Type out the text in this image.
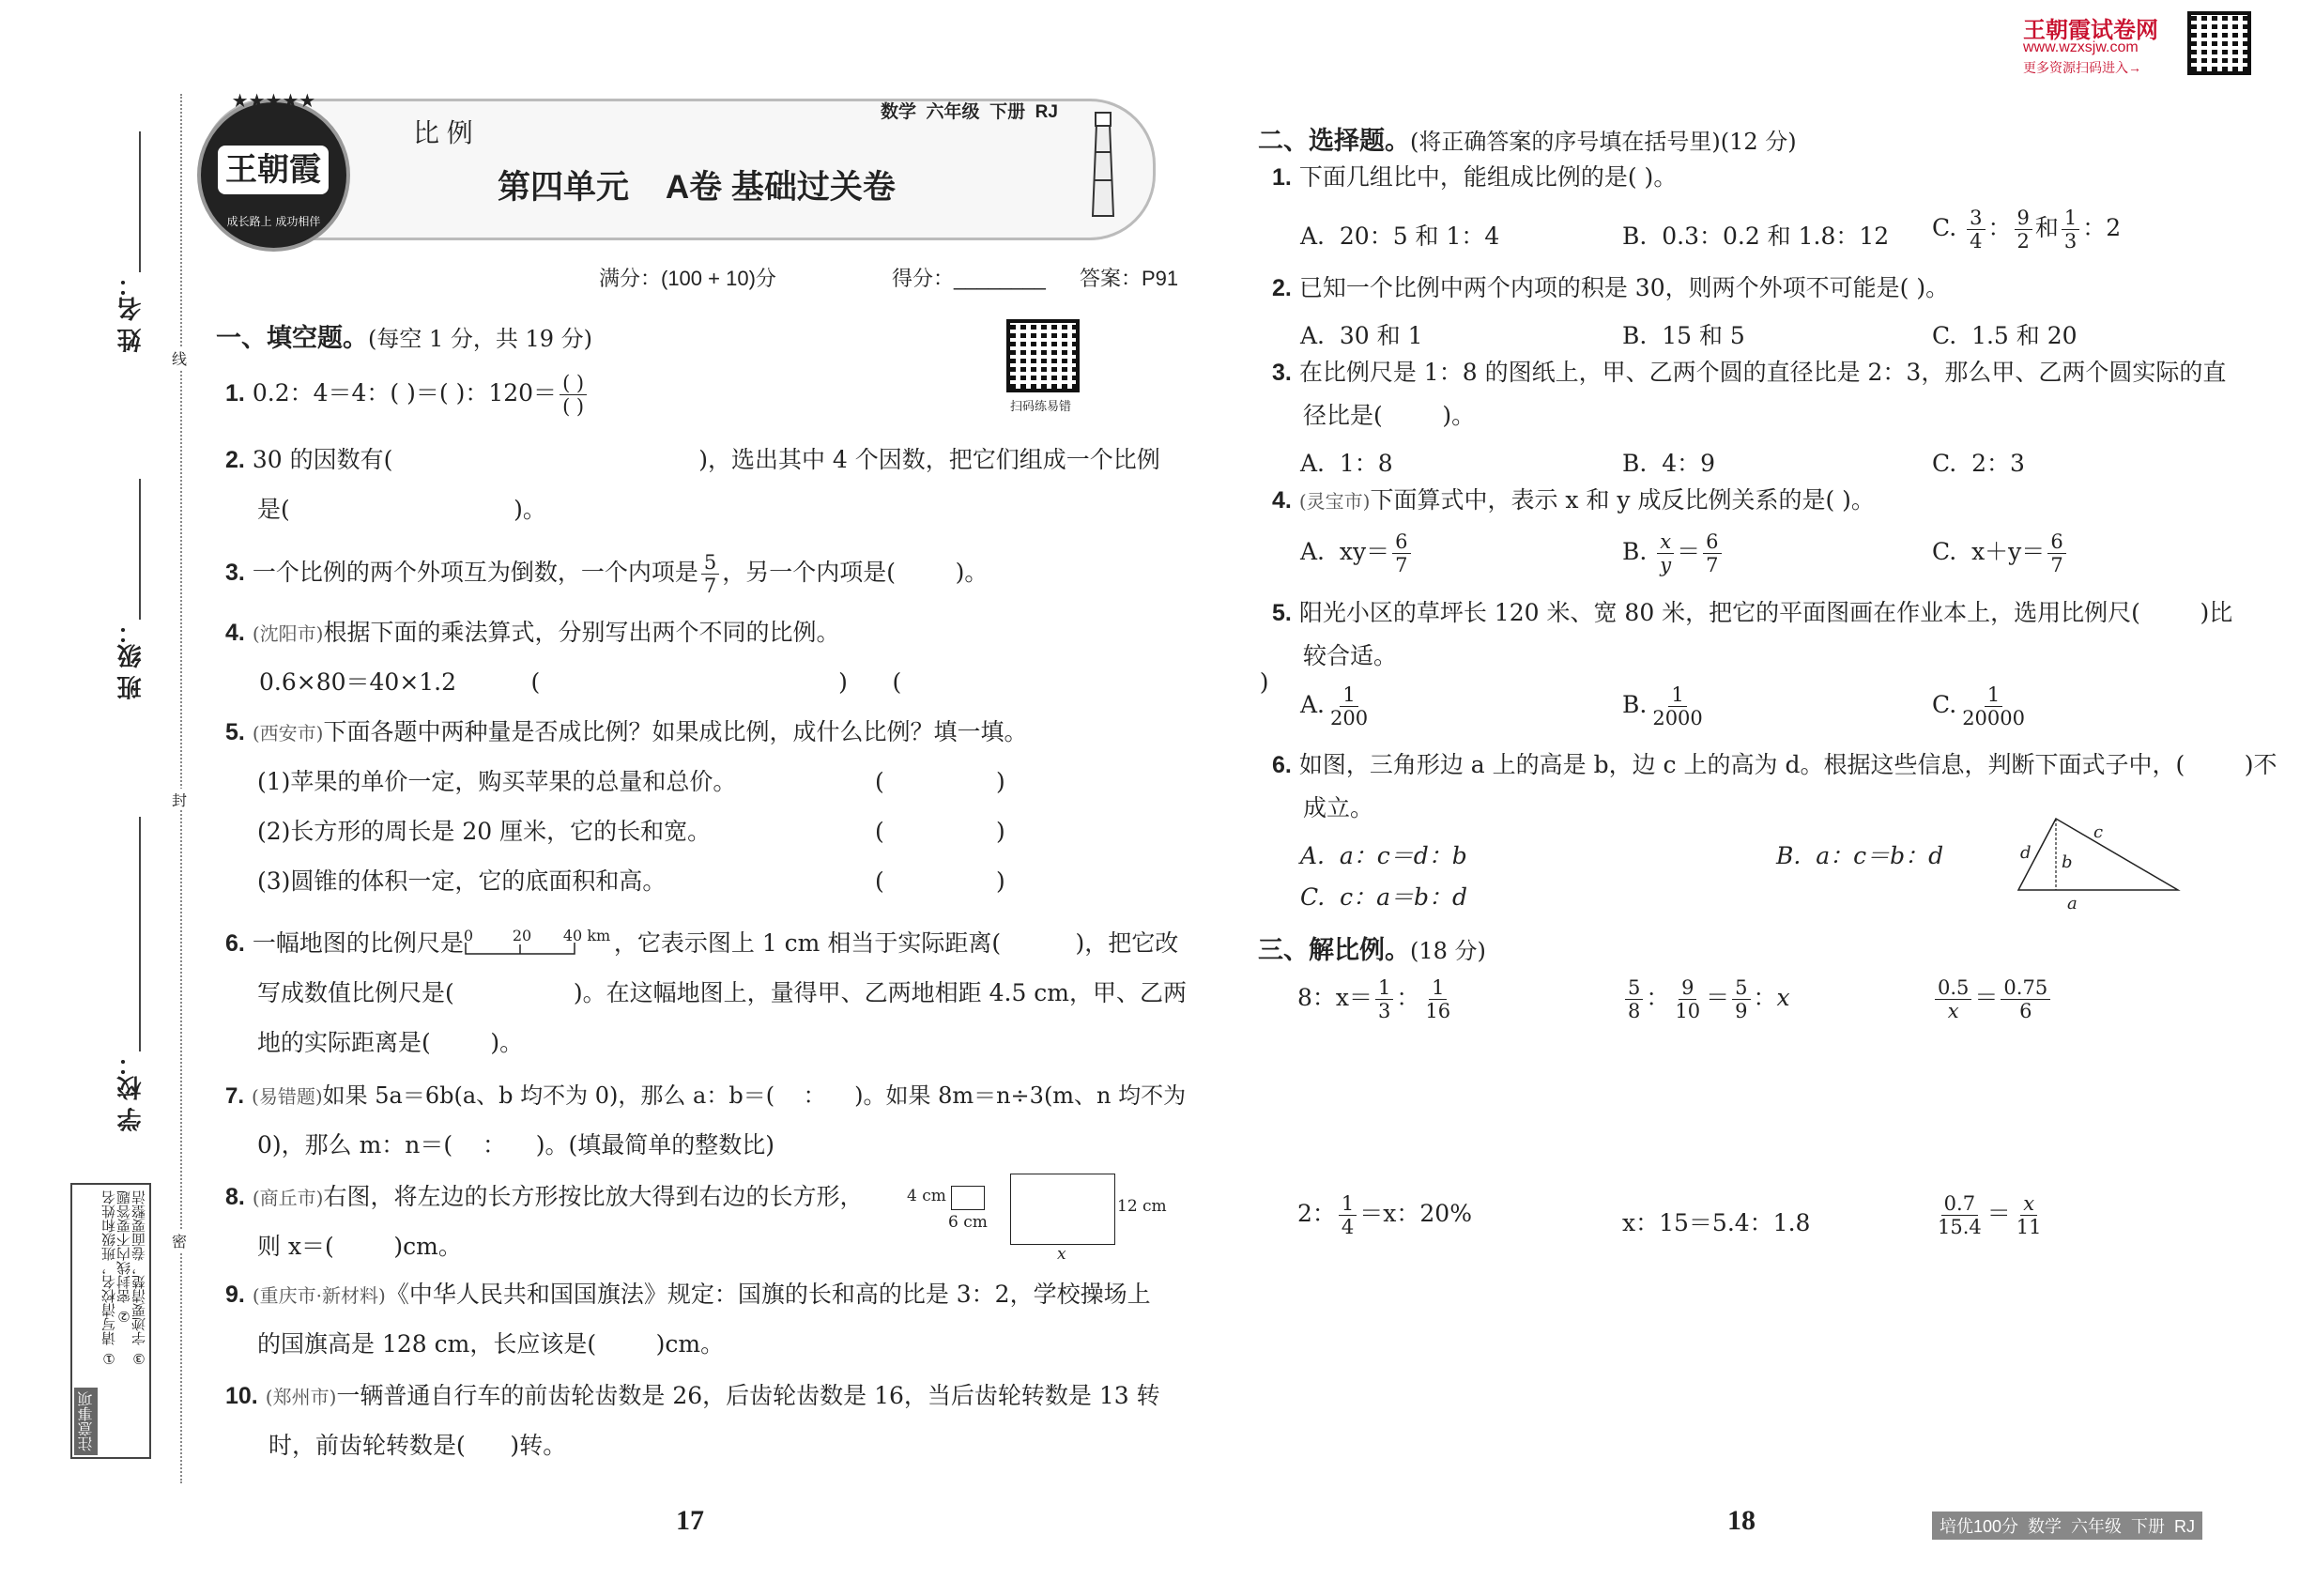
王朝霞试卷网
www.wzxsjw.com
更多资源扫码进入→
姓 名：
班 级：
学 校：
线
封
密
注意事项
① 请写清校名，班级和姓名
② 密封线内不要答题
③ 字迹要清楚，卷面要整洁
★★★★★
王朝霞
成长路上 成功相伴
比 例
数学  六年级  下册  RJ
第四单元    A卷 基础过关卷
满分：(100 + 10)分	得分：________ 答案：P91
扫码练易错
一、填空题。(每空 1 分，共 19 分)
1. 0.2：4＝4：( )＝( )：$120= \frac{( )}{( )}$
2. 30 的因数有(                                         )，选出其中 4 个因数，把它们组成一个比例
是(                              )。
3. 一个比例的两个外项互为倒数，一个内项是 $\frac{5}{7}$ ，另一个内项是(        )。
4. (沈阳市)根据下面的乘法算式，分别写出两个不同的比例。
0.6×80＝40×1.2          (                                        )      (                                                )
5. (西安市)下面各题中两种量是否成比例？如果成比例，成什么比例？填一填。
(1)苹果的单价一定，购买苹果的总量和总价。	(               )
(2)长方形的周长是 20 厘米，它的长和宽。	(               )
(3)圆锥的体积一定，它的底面积和高。	(               )
6. 一幅地图的比例尺是 0	20 40 km ，它表示图上 1 cm 相当于实际距离(          )，把它改
写成数值比例尺是(                )。在这幅地图上，量得甲、乙两地相距 4.5 cm，甲、乙两
地的实际距离是(        )。
7. (易错题)如果 5a＝6b(a、b 均不为 0)，那么 a：b＝(    ：    )。如果 8m＝n÷3(m、n 均不为
0)，那么 m：n＝(    ：    )。(填最简单的整数比)
8. (商丘市)右图，将左边的长方形按比放大得到右边的长方形，
则 x＝(        )cm。
4 cm
6 cm
12 cm
x
9. (重庆市·新材料)《中华人民共和国国旗法》规定：国旗的长和高的比是 3：2，学校操场上
的国旗高是 128 cm，长应该是(        )cm。
10. (郑州市)一辆普通自行车的前齿轮齿数是 26，后齿轮齿数是 16，当后齿轮转数是 13 转
时，前齿轮转数是(      )转。
17
二、选择题。(将正确答案的序号填在括号里)(12 分)
1. 下面几组比中，能组成比例的是( )。
A.  20：5 和 1：4	B.  0.3：0.2 和 1.8：12 C. $\frac{3}{4}$ ： $\frac{9}{2}$ 和 $\frac{1}{3}$ ：2
2. 已知一个比例中两个内项的积是 30，则两个外项不可能是( )。
A.  30 和 1	B.  15 和 5	C.  1.5 和 20
3. 在比例尺是 1：8 的图纸上，甲、乙两个圆的直径比是 2：3，那么甲、乙两个圆实际的直
径比是(        )。
A.  1：8	B.  4：9	C.  2：3
4. (灵宝市)下面算式中，表示 x 和 y 成反比例关系的是( )。
A.  $xy= \frac{6}{7}$	B. $\frac{x}{y} = \frac{6}{7}$	C.  $x+y= \frac{6}{7}$
5. 阳光小区的草坪长 120 米、宽 80 米，把它的平面图画在作业本上，选用比例尺(        )比
较合适。
A. $\frac{1}{200}$	B. $\frac{1}{2000}$	C. $\frac{1}{20000}$
6. 如图，三角形边 a 上的高是 b，边 c 上的高为 d。根据这些信息，判断下面式子中，(        )不
成立。
A.  a：c＝d：b	B.  a：c＝b：d
C.  c：a＝b：d
c
d b
a
三、解比例。(18 分)
8：$x= \frac{1}{3}$ ： $\frac{1}{16}$	$\frac{5}{8}$ ： $\frac{9}{10} = \frac{5}{9}$ ：x	$\frac{0.5}{x} = \frac{0.75}{6}$
2： $\frac{1}{4} =x$：20%	x：15＝5.4：1.8	$\frac{0.7}{15.4} = \frac{x}{11}$
18	培优100分  数学  六年级  下册  RJ
